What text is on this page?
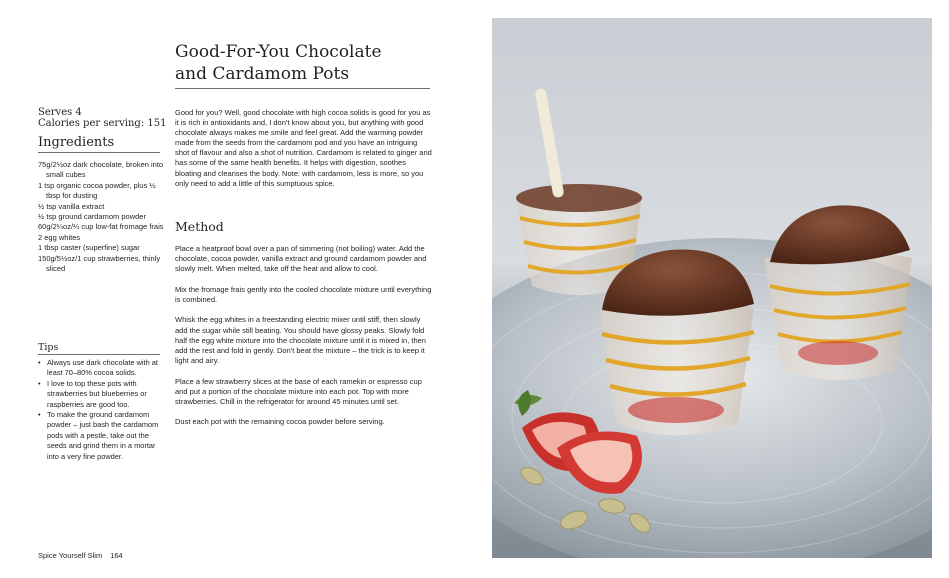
Good-For-You Chocolate
and Cardamom Pots
Serves 4
Calories per serving: 151
Ingredients
75g/2½oz dark chocolate, broken into small cubes
1 tsp organic cocoa powder, plus ½ tbsp for dusting
½ tsp vanilla extract
½ tsp ground cardamom powder
60g/2¼oz/¼ cup low-fat fromage frais
2 egg whites
1 tbsp caster (superfine) sugar
150g/5½oz/1 cup strawberries, thinly sliced
Tips
• Always use dark chocolate with at least 70–80% cocoa solids.
• I love to top these pots with strawberries but blueberries or raspberries are good too.
• To make the ground cardamom powder – just bash the cardamom pods with a pestle, take out the seeds and grind them in a mortar into a very fine powder.

Good for you? Well, good chocolate with high cocoa solids is good for you as it is rich in antioxidants and, I don't know about you, but anything with good chocolate always makes me smile and feel great. Add the warming powder made from the seeds from the cardamom pod and you have an intriguing shot of flavour and also a shot of nutrition. Cardamom is related to ginger and has some of the same health benefits. It helps with digestion, soothes bloating and cleanses the body. Note: with cardamom, less is more, so you only need to add a little of this sumptuous spice.

Method

Place a heatproof bowl over a pan of simmering (not boiling) water. Add the chocolate, cocoa powder, vanilla extract and ground cardamom powder and slowly melt. When melted, take off the heat and allow to cool.

Mix the fromage frais gently into the cooled chocolate mixture until everything is combined.

Whisk the egg whites in a freestanding electric mixer until stiff, then slowly add the sugar while still beating. You should have glossy peaks. Slowly fold half the egg white mixture into the chocolate mixture until it is mixed in, then add the rest and fold in gently. Don't beat the mixture – the trick is to keep it light and airy.

Place a few strawberry slices at the base of each ramekin or espresso cup and put a portion of the chocolate mixture into each pot. Top with more strawberries. Chill in the refrigerator for around 45 minutes until set.

Dust each pot with the remaining cocoa powder before serving.

Spice Yourself Slim 164
